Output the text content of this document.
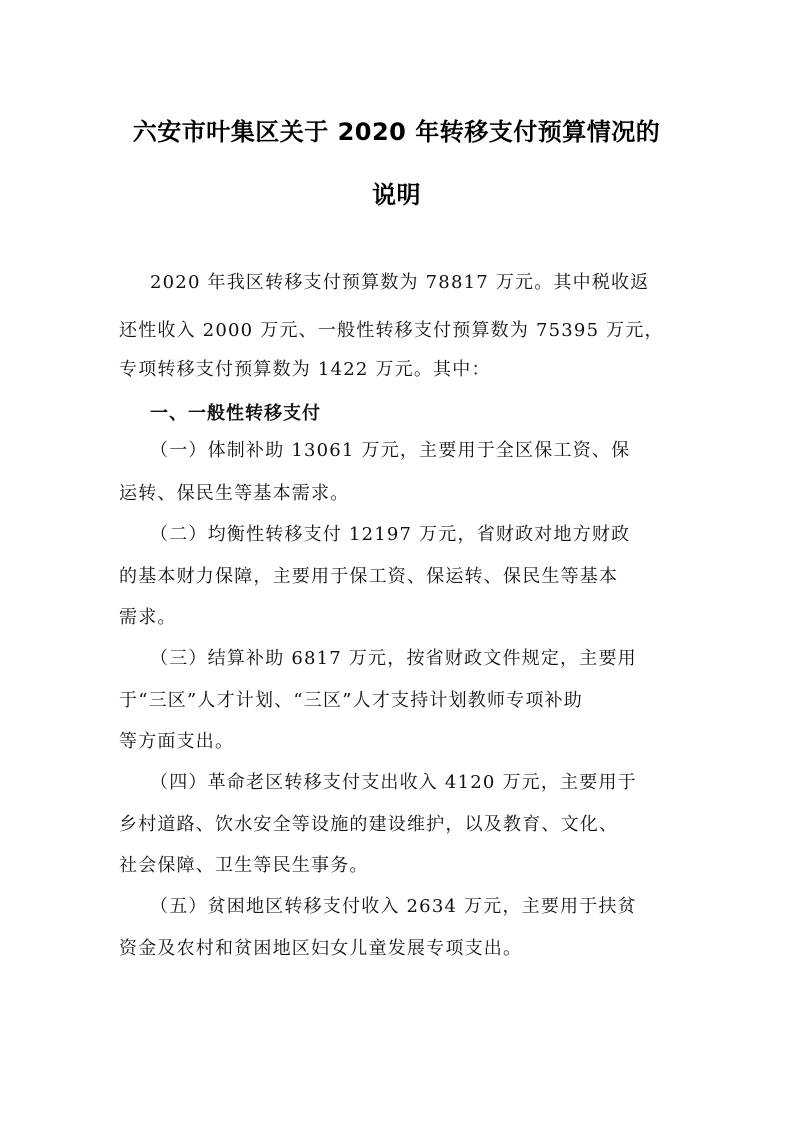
六安市叶集区关于 2020 年转移支付预算情况的
说明
2020 年我区转移支付预算数为 78817 万元。其中税收返
还性收入 2000 万元、一般性转移支付预算数为 75395 万元，
专项转移支付预算数为 1422 万元。其中：
一、一般性转移支付
（一）体制补助 13061 万元，主要用于全区保工资、保
运转、保民生等基本需求。
（二）均衡性转移支付 12197 万元，省财政对地方财政
的基本财力保障，主要用于保工资、保运转、保民生等基本
需求。
（三）结算补助 6817 万元，按省财政文件规定，主要用
于“三区”人才计划、“三区”人才支持计划教师专项补助
等方面支出。
（四）革命老区转移支付支出收入 4120 万元，主要用于
乡村道路、饮水安全等设施的建设维护，以及教育、文化、
社会保障、卫生等民生事务。
（五）贫困地区转移支付收入 2634 万元，主要用于扶贫
资金及农村和贫困地区妇女儿童发展专项支出。
